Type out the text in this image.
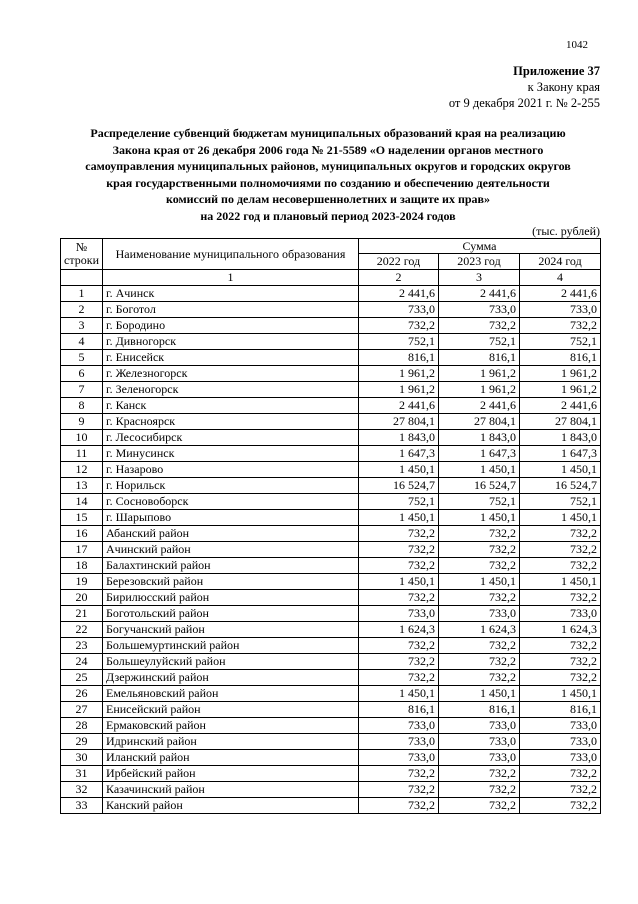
1042
Приложение 37
к Закону края
от 9 декабря 2021 г. № 2-255
Распределение субвенций бюджетам муниципальных образований края на реализацию
Закона края от 26 декабря 2006 года № 21-5589 «О наделении органов местного
самоуправления муниципальных районов, муниципальных округов и городских округов
края государственными полномочиями по созданию и обеспечению деятельности
комиссий по делам несовершеннолетних и защите их прав»
на 2022 год и плановый период 2023-2024 годов
(тыс. рублей)
№
строки	Наименование муниципального образования	Сумма		
		2022 год	2023 год	2024 год
	1	2	3	4
1	г. Ачинск	2 441,6	2 441,6	2 441,6
2	г. Боготол	733,0	733,0	733,0
3	г. Бородино	732,2	732,2	732,2
4	г. Дивногорск	752,1	752,1	752,1
5	г. Енисейск	816,1	816,1	816,1
6	г. Железногорск	1 961,2	1 961,2	1 961,2
7	г. Зеленогорск	1 961,2	1 961,2	1 961,2
8	г. Канск	2 441,6	2 441,6	2 441,6
9	г. Красноярск	27 804,1	27 804,1	27 804,1
10	г. Лесосибирск	1 843,0	1 843,0	1 843,0
11	г. Минусинск	1 647,3	1 647,3	1 647,3
12	г. Назарово	1 450,1	1 450,1	1 450,1
13	г. Норильск	16 524,7	16 524,7	16 524,7
14	г. Сосновоборск	752,1	752,1	752,1
15	г. Шарыпово	1 450,1	1 450,1	1 450,1
16	Абанский район	732,2	732,2	732,2
17	Ачинский район	732,2	732,2	732,2
18	Балахтинский район	732,2	732,2	732,2
19	Березовский район	1 450,1	1 450,1	1 450,1
20	Бирилюсский район	732,2	732,2	732,2
21	Боготольский район	733,0	733,0	733,0
22	Богучанский район	1 624,3	1 624,3	1 624,3
23	Большемуртинский район	732,2	732,2	732,2
24	Большеулуйский район	732,2	732,2	732,2
25	Дзержинский район	732,2	732,2	732,2
26	Емельяновский район	1 450,1	1 450,1	1 450,1
27	Енисейский район	816,1	816,1	816,1
28	Ермаковский район	733,0	733,0	733,0
29	Идринский район	733,0	733,0	733,0
30	Иланский район	733,0	733,0	733,0
31	Ирбейский район	732,2	732,2	732,2
32	Казачинский район	732,2	732,2	732,2
33	Канский район	732,2	732,2	732,2
